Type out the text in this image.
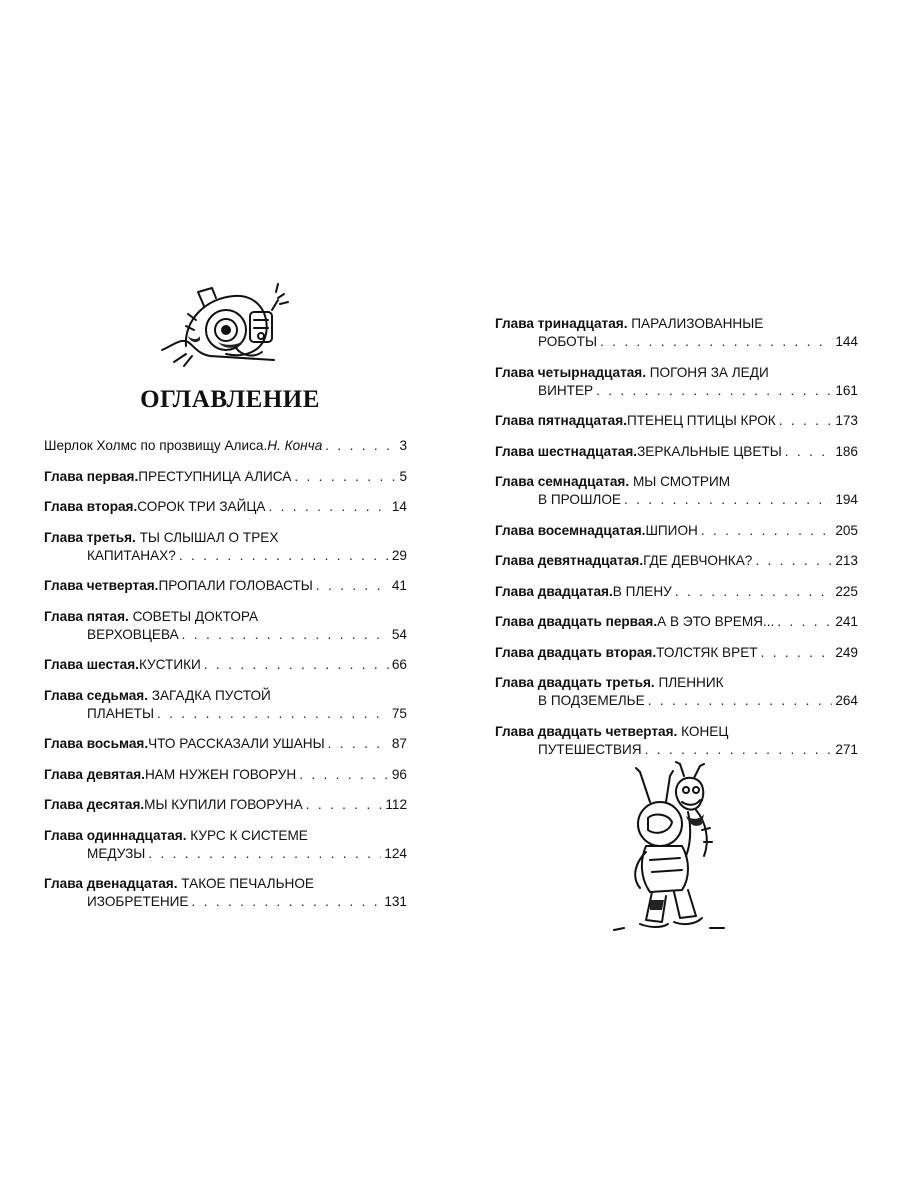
ОГЛАВЛЕНИЕ
Шерлок Холмс по прозвищу Алиса. Н. Кончa . . .	3
Глава первая. ПРЕСТУПНИЦА АЛИСА . . .	5
Глава вторая. СОРОК ТРИ ЗАЙЦА . . .	14
Глава третья. ТЫ СЛЫШАЛ О ТРЕХ
КАПИТАНАХ? . . .	29
Глава четвертая. ПРОПАЛИ ГОЛОВАСТЫ . . .	41
Глава пятая. СОВЕТЫ ДОКТОРА
ВЕРХОВЦЕВА . . .	54
Глава шестая. КУСТИКИ . . .	66
Глава седьмая. ЗАГАДКА ПУСТОЙ
ПЛАНЕТЫ . . .	75
Глава восьмая. ЧТО РАССКАЗАЛИ УШАНЫ . . .	87
Глава девятая. НАМ НУЖЕН ГОВОРУН . . .	96
Глава десятая. МЫ КУПИЛИ ГОВОРУНА . . .	112
Глава одиннадцатая. КУРС К СИСТЕМЕ
МЕДУЗЫ . . .	124
Глава двенадцатая. ТАКОЕ ПЕЧАЛЬНОЕ
ИЗОБРЕТЕНИЕ . . .	131
Глава тринадцатая. ПАРАЛИЗОВАННЫЕ
РОБОТЫ . . .	144
Глава четырнадцатая. ПОГОНЯ ЗА ЛЕДИ
ВИНТЕР . . .	161
Глава пятнадцатая. ПТЕНЕЦ ПТИЦЫ КРОК . . .	173
Глава шестнадцатая. ЗЕРКАЛЬНЫЕ ЦВЕТЫ . . .	186
Глава семнадцатая. МЫ СМОТРИМ
В ПРОШЛОЕ . . .	194
Глава восемнадцатая. ШПИОН . . .	205
Глава девятнадцатая. ГДЕ ДЕВЧОНКА? . . .	213
Глава двадцатая. В ПЛЕНУ . . .	225
Глава двадцать первая. А В ЭТО ВРЕМЯ... . . .	241
Глава двадцать вторая. ТОЛСТЯК ВРЕТ . . .	249
Глава двадцать третья. ПЛЕННИК
В ПОДЗЕМЕЛЬЕ . . .	264
Глава двадцать четвертая. КОНЕЦ
ПУТЕШЕСТВИЯ . . .	271
